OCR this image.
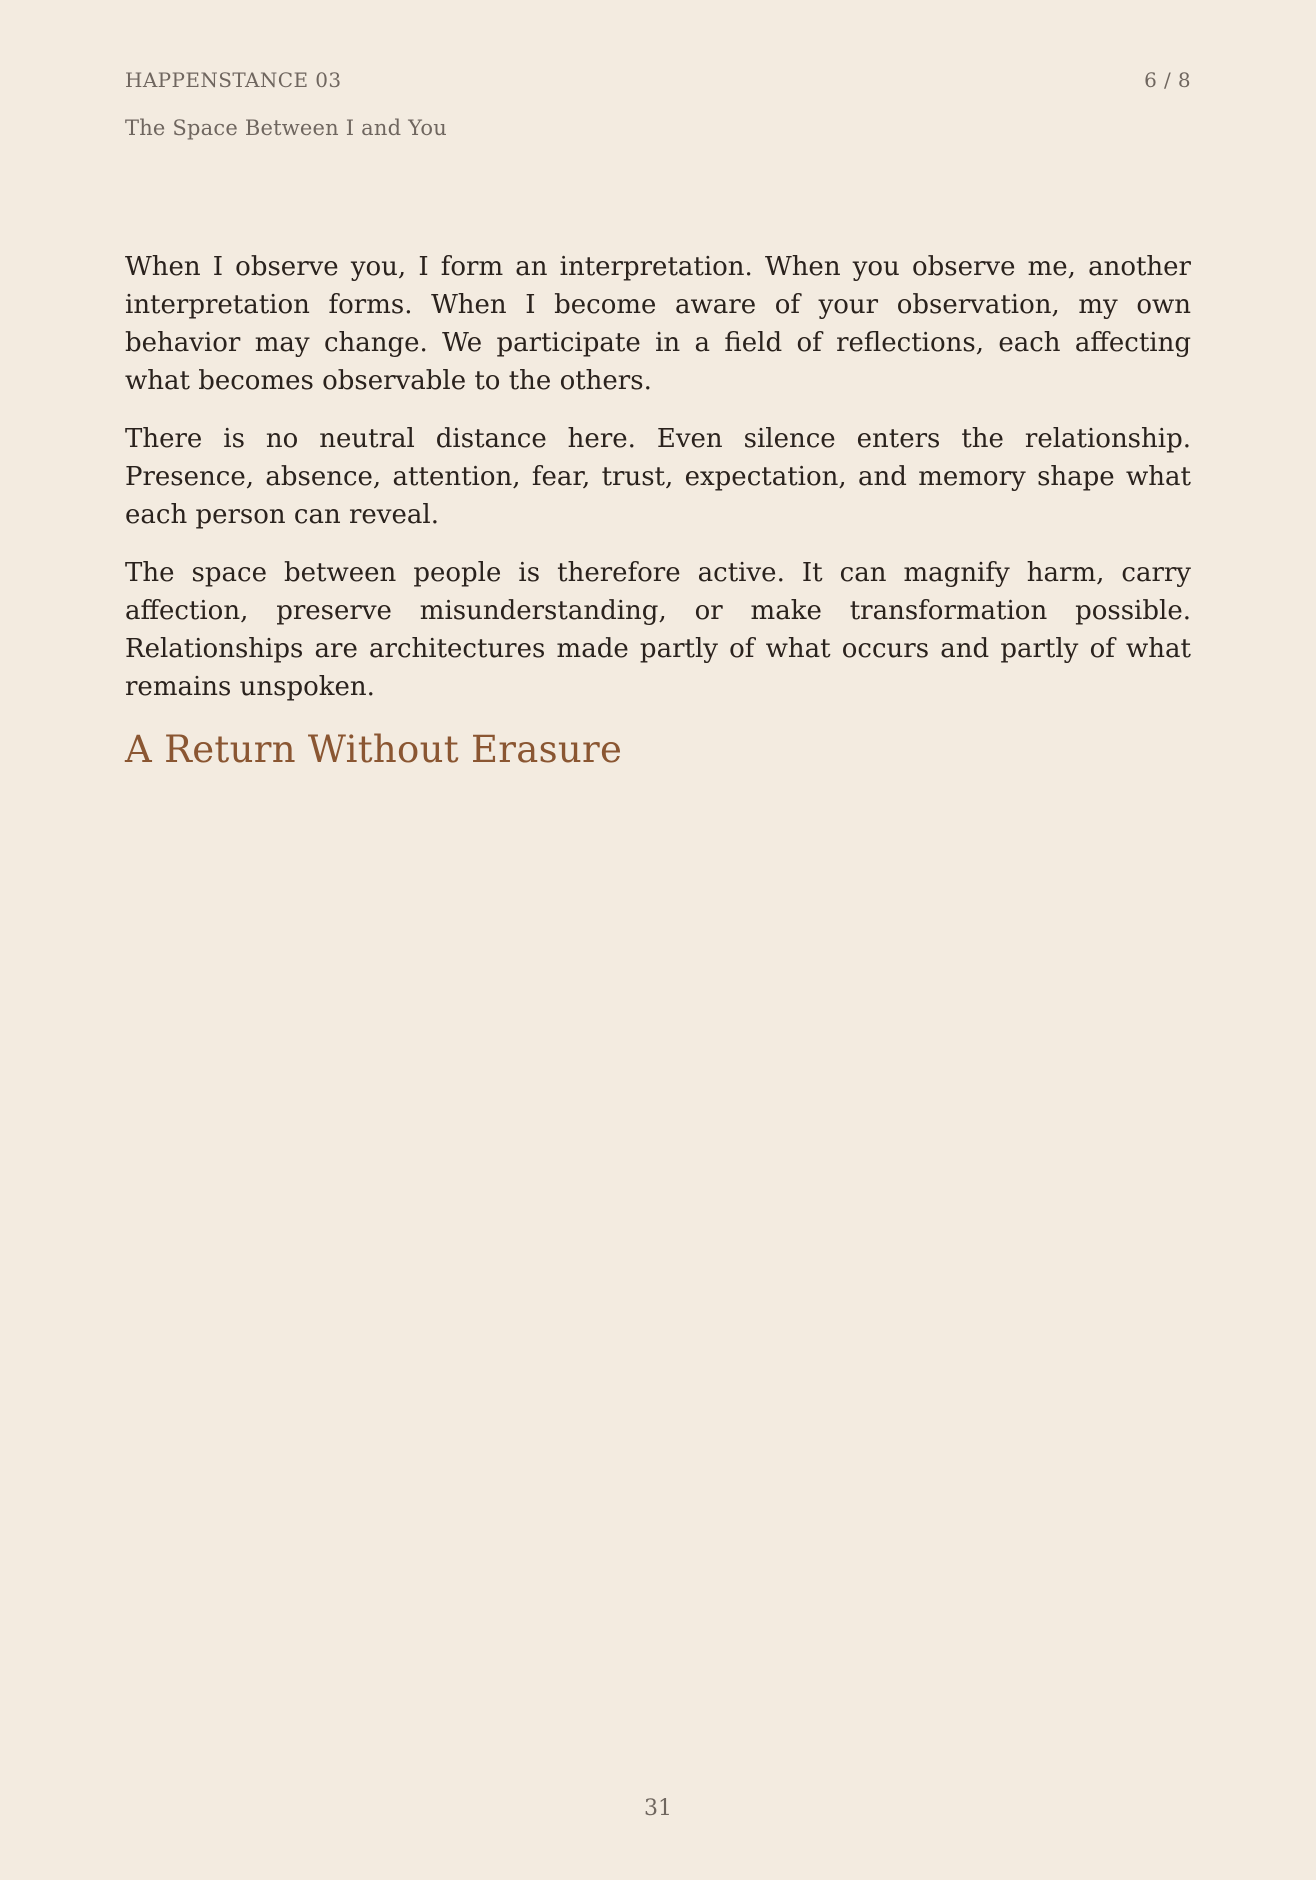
HAPPENSTANCE 03	6 / 8
The Space Between I and You

When I observe you, I form an interpretation. When you observe me, another interpretation forms. When I become aware of your observation, my own behavior may change. We participate in a field of reflections, each affecting what becomes observable to the others.

There is no neutral distance here. Even silence enters the relationship. Presence, absence, attention, fear, trust, expectation, and memory shape what each person can reveal.

The space between people is therefore active. It can magnify harm, carry affection, preserve misunderstanding, or make transformation possible. Relationships are architectures made partly of what occurs and partly of what remains unspoken.

A Return Without Erasure
31
